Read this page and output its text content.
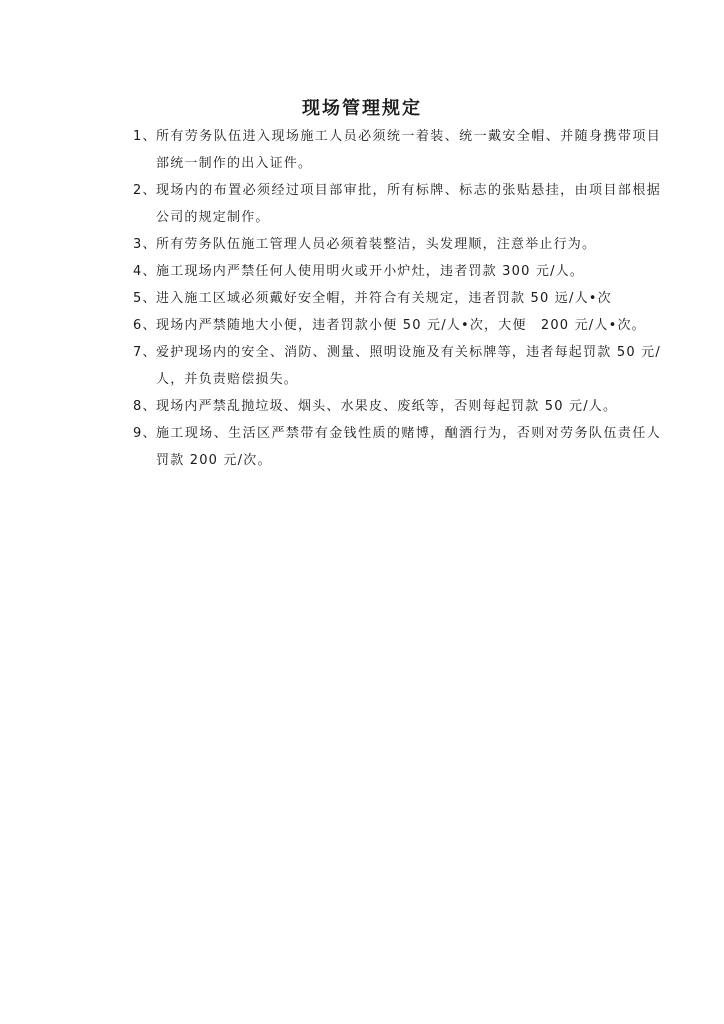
现场管理规定
1、 所有劳务队伍进入现场施工人员必须统一着装、统一戴安全帽、并随身携带项目部统一制作的出入证件。
2、 现场内的布置必须经过项目部审批，所有标牌、标志的张贴悬挂，由项目部根据公司的规定制作。
3、 所有劳务队伍施工管理人员必须着装整洁，头发理顺，注意举止行为。
4、 施工现场内严禁任何人使用明火或开小炉灶，违者罚款 300 元/人。
5、 进入施工区域必须戴好安全帽，并符合有关规定，违者罚款 50 远/人•次
6、 现场内严禁随地大小便，违者罚款小便 50 元/人•次，大便　200 元/人•次。
7、 爱护现场内的安全、消防、测量、照明设施及有关标牌等，违者每起罚款 50 元/人，并负责赔偿损失。
8、 现场内严禁乱抛垃圾、烟头、水果皮、废纸等，否则每起罚款 50 元/人。
9、 施工现场、生活区严禁带有金钱性质的赌博，酗酒行为，否则对劳务队伍责任人罚款 200 元/次。
